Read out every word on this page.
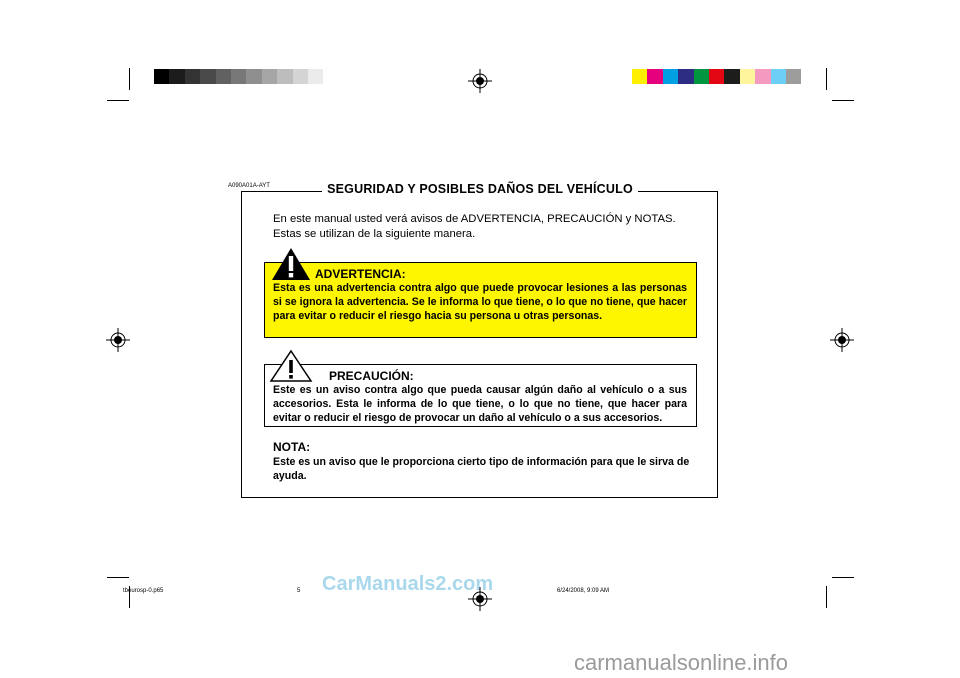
A090A01A-AYT	SEGURIDAD Y POSIBLES DAÑOS DEL VEHÍCULO
En este manual usted verá avisos de ADVERTENCIA, PRECAUCIÓN y NOTAS. Estas se utilizan de la siguiente manera.
ADVERTENCIA:
Esta es una advertencia contra algo que puede provocar lesiones a las personas si se ignora la advertencia. Se le informa lo que tiene, o lo que no tiene, que hacer para evitar o reducir el riesgo hacia su persona u otras personas.
PRECAUCIÓN:
Este es un aviso contra algo que pueda causar algún daño al vehículo o a sus accesorios. Esta le informa de lo que tiene, o lo que no tiene, que hacer para evitar o reducir el riesgo de provocar un daño al vehículo o a sus accesorios.
NOTA:
Este es un aviso que le proporciona cierto tipo de información para que le sirva de ayuda.
tbeurosp-0.p65	5	6/24/2008, 9:09 AM
CarManuals2.com
carmanualsonline.info
